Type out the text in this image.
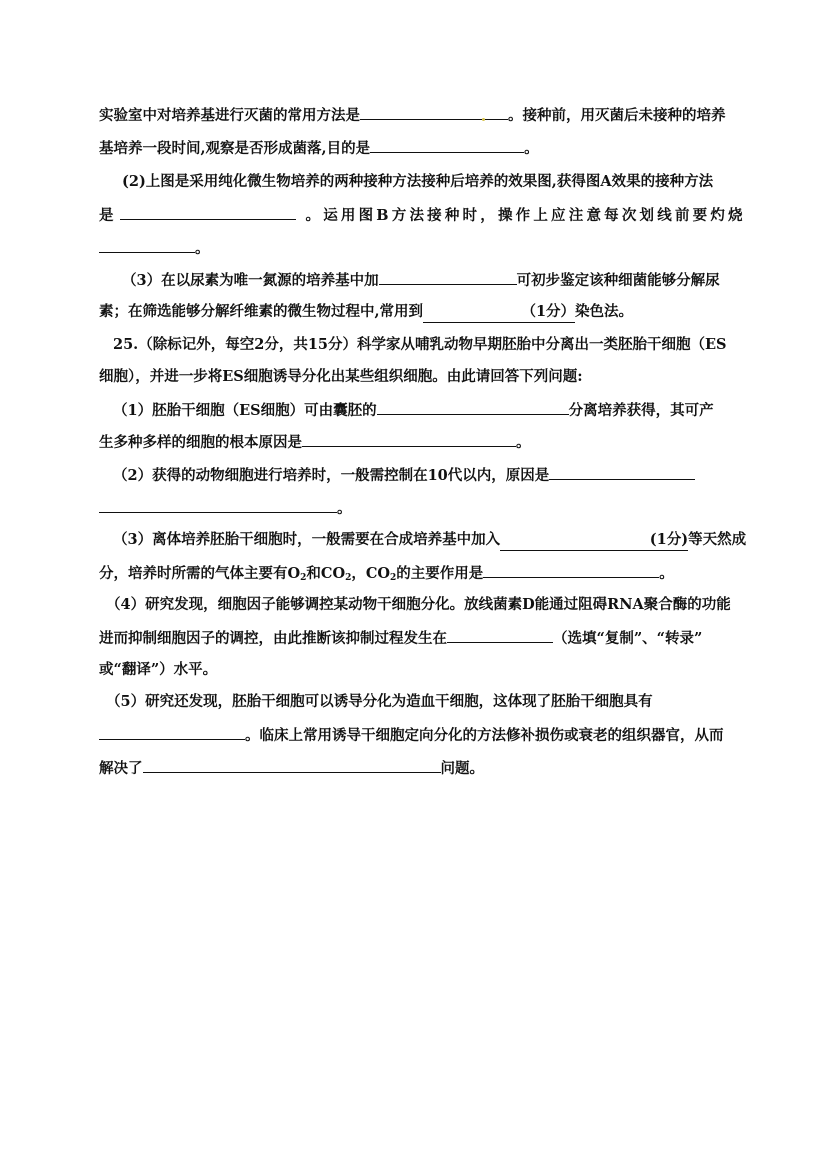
实验室中对培养基进行灭菌的常用方法是	。接种前，用灭菌后未接种的培养
基培养一段时间,观察是否形成菌落,目的是	。
(2)上图是采用纯化微生物培养的两种接种方法接种后培养的效果图,获得图A效果的接种方法
是	。运用图B方法接种时，操作上应注意每次划线前要灼烧
。
（3）在以尿素为唯一氮源的培养基中加	可初步鉴定该种细菌能够分解尿
素；在筛选能够分解纤维素的微生物过程中,常用到	（1分）染色法。
25.（除标记外，每空2分，共15分）科学家从哺乳动物早期胚胎中分离出一类胚胎干细胞（ES
细胞），并进一步将ES细胞诱导分化出某些组织细胞。由此请回答下列问题:
（1）胚胎干细胞（ES细胞）可由囊胚的	分离培养获得，其可产
生多种多样的细胞的根本原因是	。
（2）获得的动物细胞进行培养时，一般需控制在10代以内，原因是
。
（3）离体培养胚胎干细胞时，一般需要在合成培养基中加入	(1分)等天然成
分，培养时所需的气体主要有$O_2$和$CO_2$，$CO_2$的主要作用是	。
（4）研究发现，细胞因子能够调控某动物干细胞分化。放线菌素D能通过阻碍RNA聚合酶的功能
进而抑制细胞因子的调控，由此推断该抑制过程发生在	（选填“复制”、“转录”
或“翻译”）水平。
（5）研究还发现，胚胎干细胞可以诱导分化为造血干细胞，这体现了胚胎干细胞具有
。临床上常用诱导干细胞定向分化的方法修补损伤或衰老的组织器官，从而
解决了	问题。
